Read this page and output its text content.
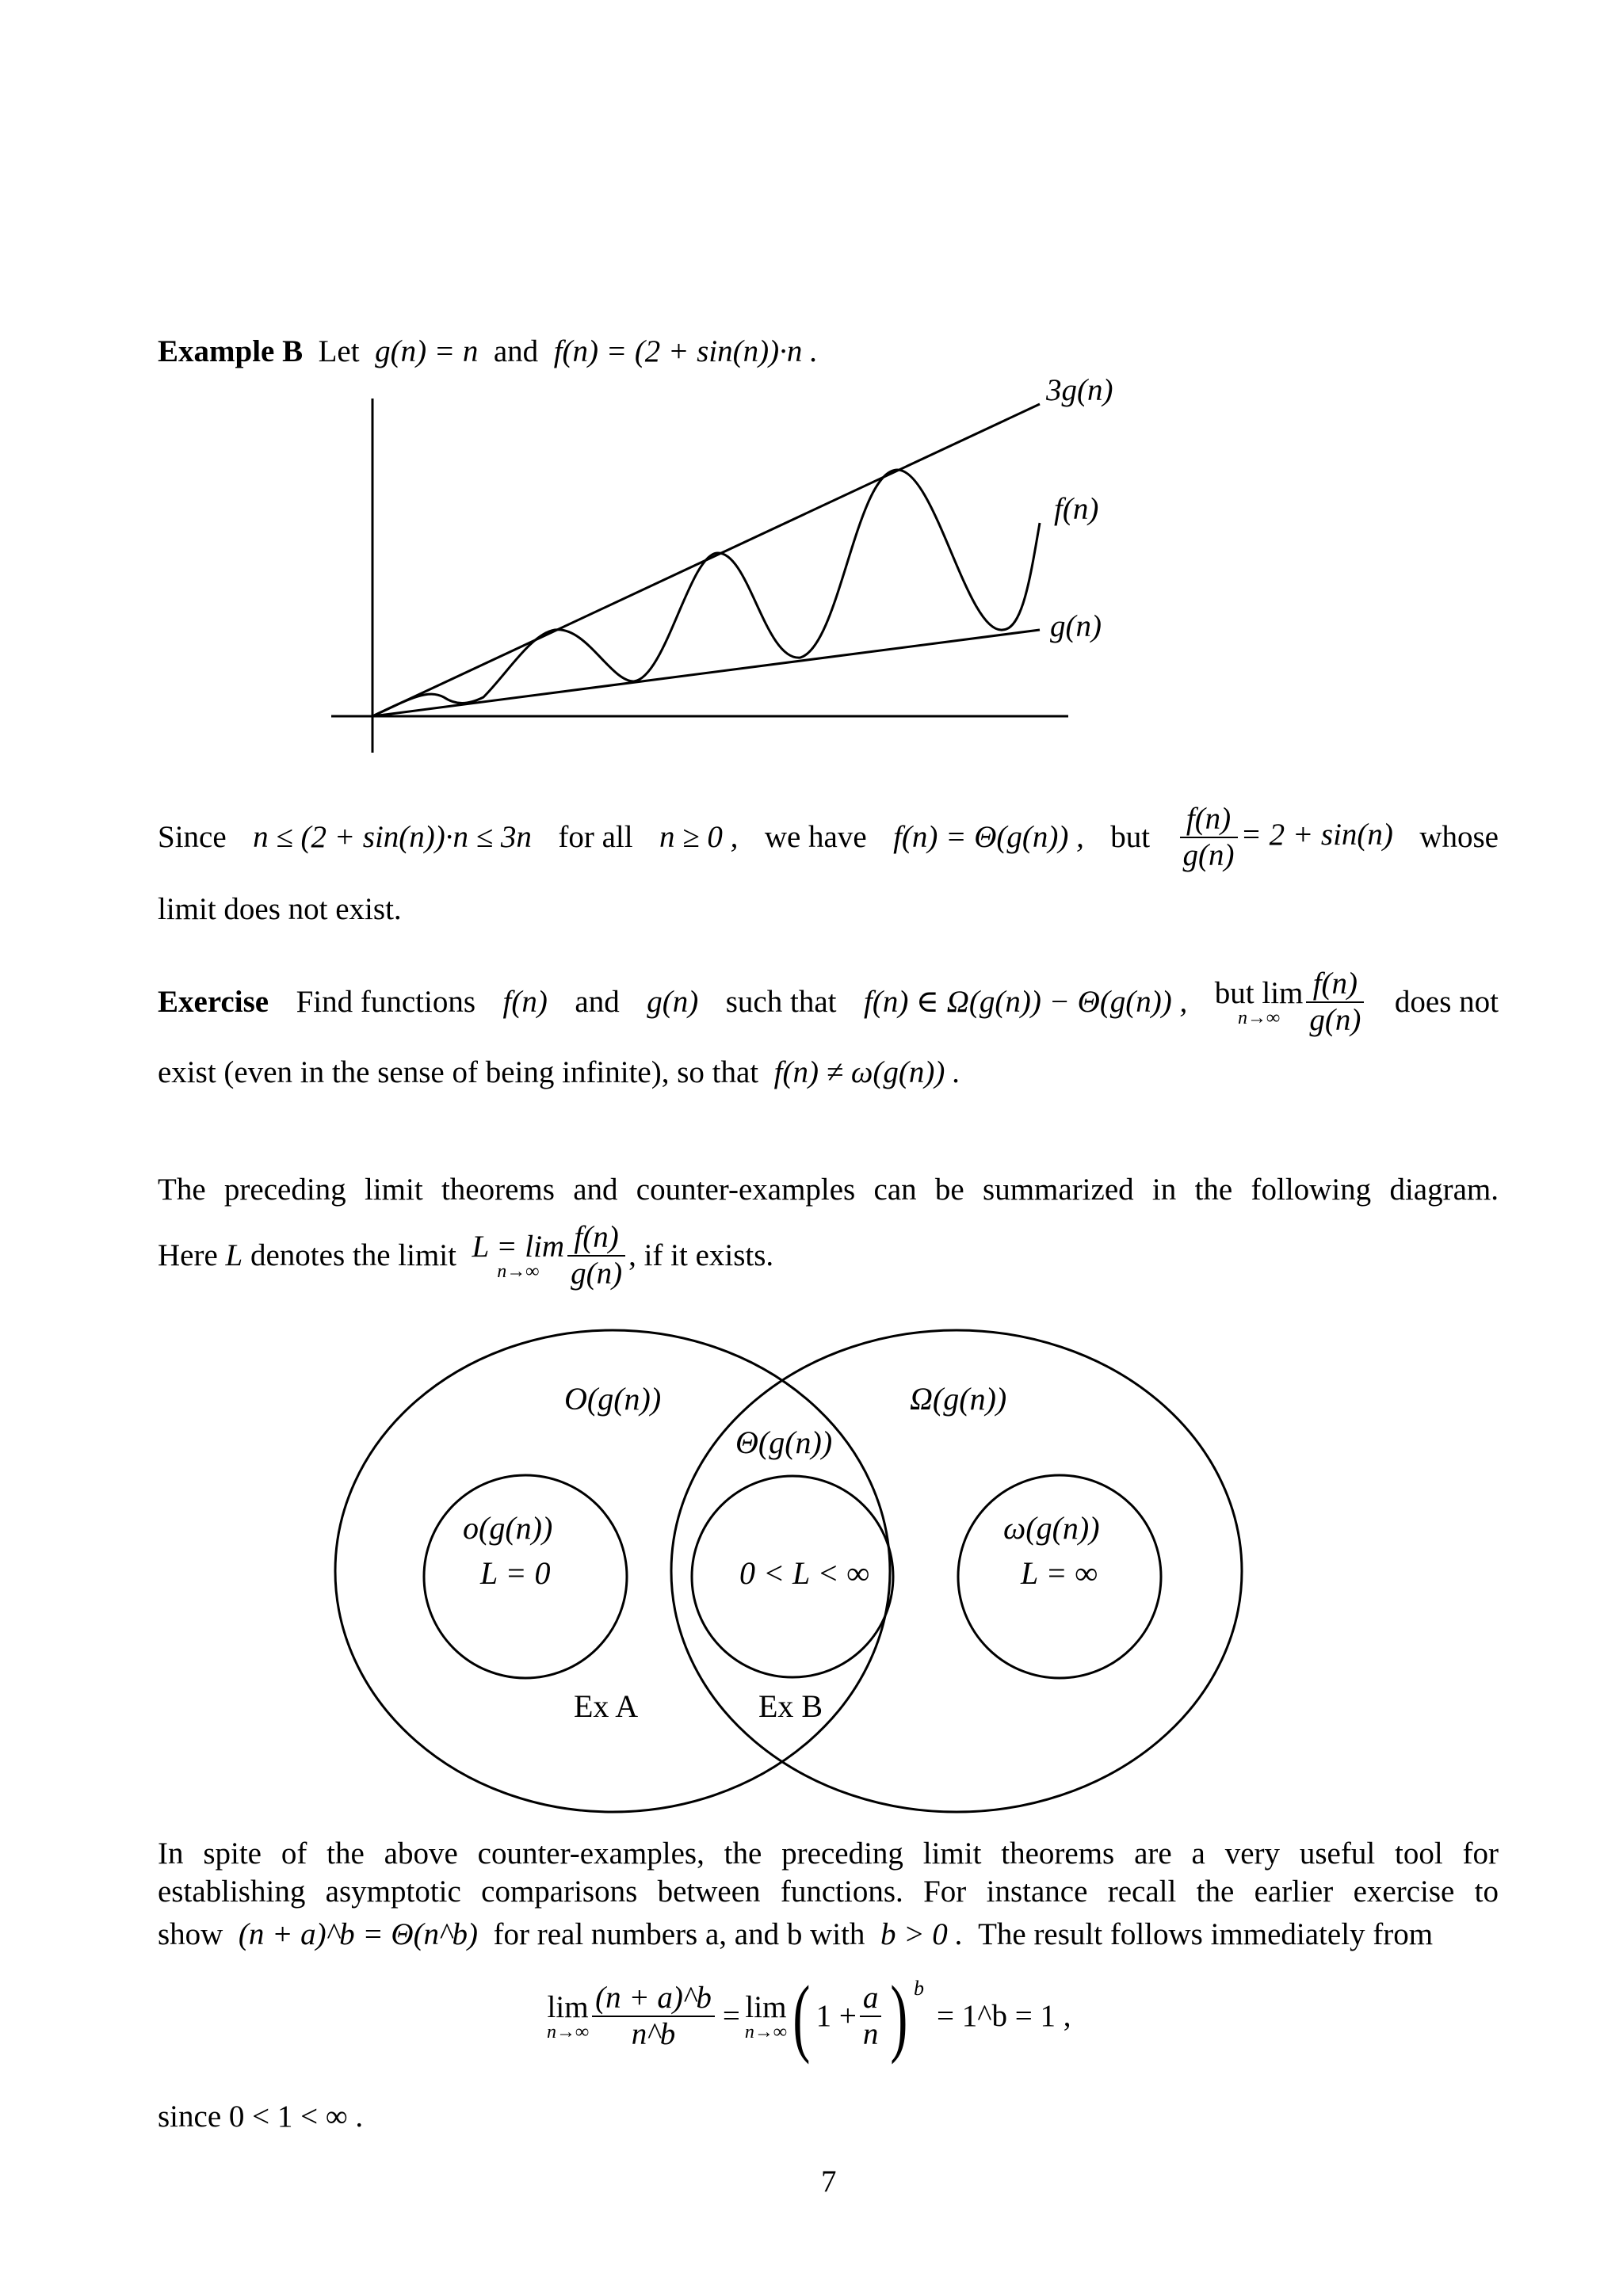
Example B Let g(n) = n and f(n) = (2 + sin(n))·n .
3g(n)
f(n)
g(n)
Since n ≤ (2 + sin(n))·n ≤ 3n for all n ≥ 0 , we have f(n) = Θ(g(n)) , but $\frac{f(n)}{g(n)} = 2 + \sin(n)$ whose
limit does not exist.
Exercise Find functions f(n) and g(n) such that f(n) ∈ Ω(g(n)) − Θ(g(n)) , but lim
$n\to\infty \frac{f(n)}{g(n)}$ does not
exist (even in the sense of being infinite), so that f(n) ≠ ω(g(n)) .
The preceding limit theorems and counter-examples can be summarized in the following diagram.
Here
L
denotes the limit
L = lim
$n\to\infty \frac{f(n)}{g(n)}$ , if it exists.
O(g(n))	Ω(g(n))
Θ(g(n))
o(g(n))
L = 0	0 < L < ∞
ω(g(n))
L = ∞
Ex A	Ex B
In spite of the above counter-examples, the preceding limit theorems are a very useful tool for
establishing asymptotic comparisons between functions. For instance recall the earlier exercise to
show (n + a)^b = Θ(n^b) for real numbers a, and b with b > 0 . The result follows immediately from
lim
$n\to\infty \frac{(n + a)\^{}b}{n\^{}b} = \lim$
n→∞ ( $1 + \frac{a}{n}$ ) b
= 1^b = 1 ,
since 0 < 1 < ∞ .
7
